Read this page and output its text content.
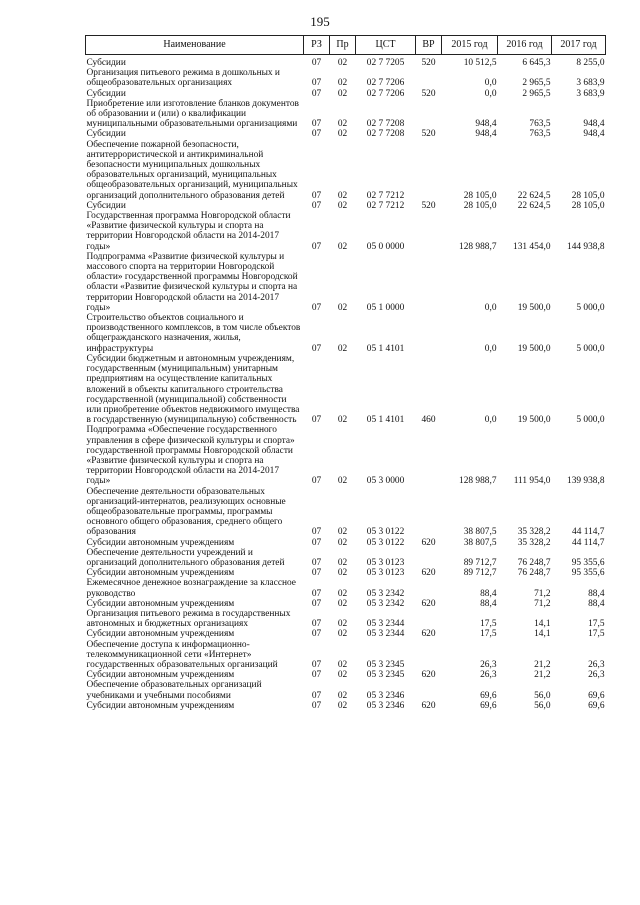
195
Наименование	РЗ	Пр	ЦСТ	ВР	2015 год	2016 год	2017 год
Субсидии	07	02	02 7 7205	520	10 512,5	6 645,3	8 255,0
Организация питьевого режима в дошкольных и общеобразовательных организациях	07	02	02 7 7206		0,0	2 965,5	3 683,9
Субсидии	07	02	02 7 7206	520	0,0	2 965,5	3 683,9
Приобретение или изготовление бланков документов об образовании и (или) о квалификации муниципальными образовательными организациями	07	02	02 7 7208		948,4	763,5	948,4
Субсидии	07	02	02 7 7208	520	948,4	763,5	948,4
Обеспечение пожарной безопасности, антитеррористической и антикриминальной безопасности муниципальных дошкольных образовательных организаций, муниципальных общеобразовательных организаций, муниципальных организаций дополнительного образования детей	07	02	02 7 7212		28 105,0	22 624,5	28 105,0
Субсидии	07	02	02 7 7212	520	28 105,0	22 624,5	28 105,0
Государственная программа Новгородской области «Развитие физической культуры и спорта на территории Новгородской области на 2014-2017 годы»	07	02	05 0 0000		128 988,7	131 454,0	144 938,8
Подпрограмма «Развитие физической культуры и массового спорта на территории Новгородской области» государственной программы Новгородской области «Развитие физической культуры и спорта на территории Новгородской области на 2014-2017 годы»	07	02	05 1 0000		0,0	19 500,0	5 000,0
Строительство объектов социального и производственного комплексов, в том числе объектов общегражданского назначения, жилья, инфраструктуры	07	02	05 1 4101		0,0	19 500,0	5 000,0
Субсидии бюджетным и автономным учреждениям, государственным (муниципальным) унитарным предприятиям на осуществление капитальных вложений в объекты капитального строительства государственной (муниципальной) собственности или приобретение объектов недвижимого имущества в государственную (муниципальную) собственность	07	02	05 1 4101	460	0,0	19 500,0	5 000,0
Подпрограмма «Обеспечение государственного управления в сфере физической культуры и спорта» государственной программы Новгородской области «Развитие физической культуры и спорта на территории Новгородской области на 2014-2017 годы»	07	02	05 3 0000		128 988,7	111 954,0	139 938,8
Обеспечение деятельности образовательных организаций-интернатов, реализующих основные общеобразовательные программы, программы основного общего образования, среднего общего образования	07	02	05 3 0122		38 807,5	35 328,2	44 114,7
Субсидии автономным учреждениям	07	02	05 3 0122	620	38 807,5	35 328,2	44 114,7
Обеспечение деятельности учреждений и организаций дополнительного образования детей	07	02	05 3 0123		89 712,7	76 248,7	95 355,6
Субсидии автономным учреждениям	07	02	05 3 0123	620	89 712,7	76 248,7	95 355,6
Ежемесячное денежное вознаграждение за классное руководство	07	02	05 3 2342		88,4	71,2	88,4
Субсидии автономным учреждениям	07	02	05 3 2342	620	88,4	71,2	88,4
Организация питьевого режима в государственных автономных и бюджетных организациях	07	02	05 3 2344		17,5	14,1	17,5
Субсидии автономным учреждениям	07	02	05 3 2344	620	17,5	14,1	17,5
Обеспечение доступа к информационно-телекоммуникационной сети «Интернет» государственных образовательных организаций	07	02	05 3 2345		26,3	21,2	26,3
Субсидии автономным учреждениям	07	02	05 3 2345	620	26,3	21,2	26,3
Обеспечение образовательных организаций учебниками и учебными пособиями	07	02	05 3 2346		69,6	56,0	69,6
Субсидии автономным учреждениям	07	02	05 3 2346	620	69,6	56,0	69,6
